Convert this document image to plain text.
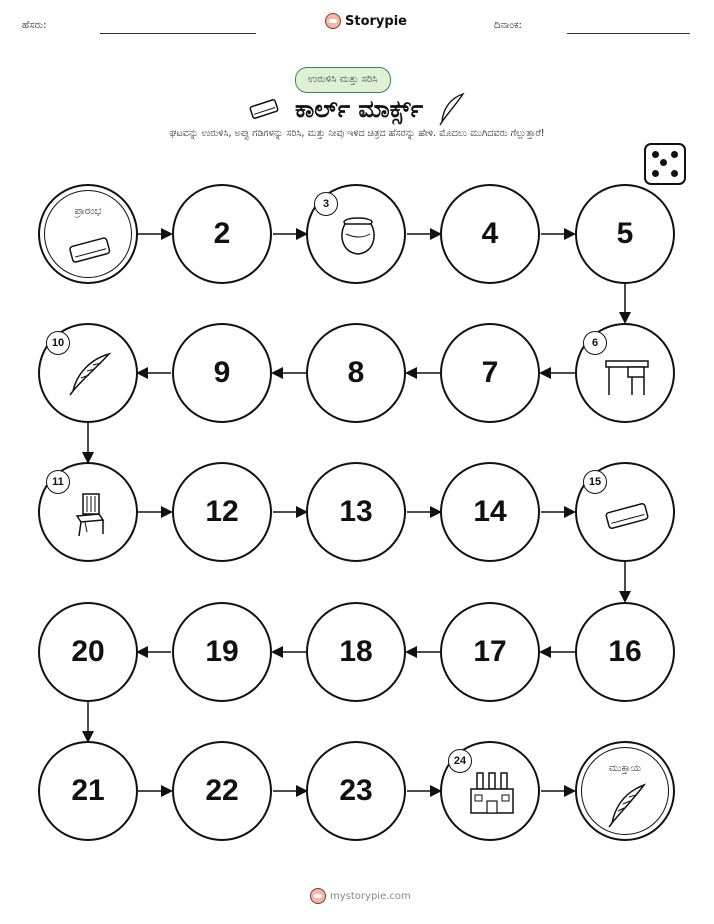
ಹೆಸರು:	Storypie	ದಿನಾಂಕ:
ಉರುಳಿಸಿ ಮತ್ತು ಸರಿಸಿ
ಕಾರ್ಲ್ ಮಾರ್ಕ್ಸ್
ಘಟವನ್ನು ಉರುಳಿಸಿ, ಅಪ್ಪು ಗಡಿಗಳನ್ನು ಸರಿಸಿ, ಮತ್ತು ನೀವು ಇಳಿದ ಚಿತ್ರದ ಹೆಸರನ್ನು ಹೇಳಿ. ಮೊದಲು ಮುಗಿದವರು ಗೆಲ್ಲುತ್ತಾರೆ!
ಪ್ರಾರಂಭ
2
3
4	5
6
7
8
9
10
11
12	13	14
15
16
17
18
19
20
21	22	23
24
ಮುಕ್ತಾಯ
mystorypie.com
